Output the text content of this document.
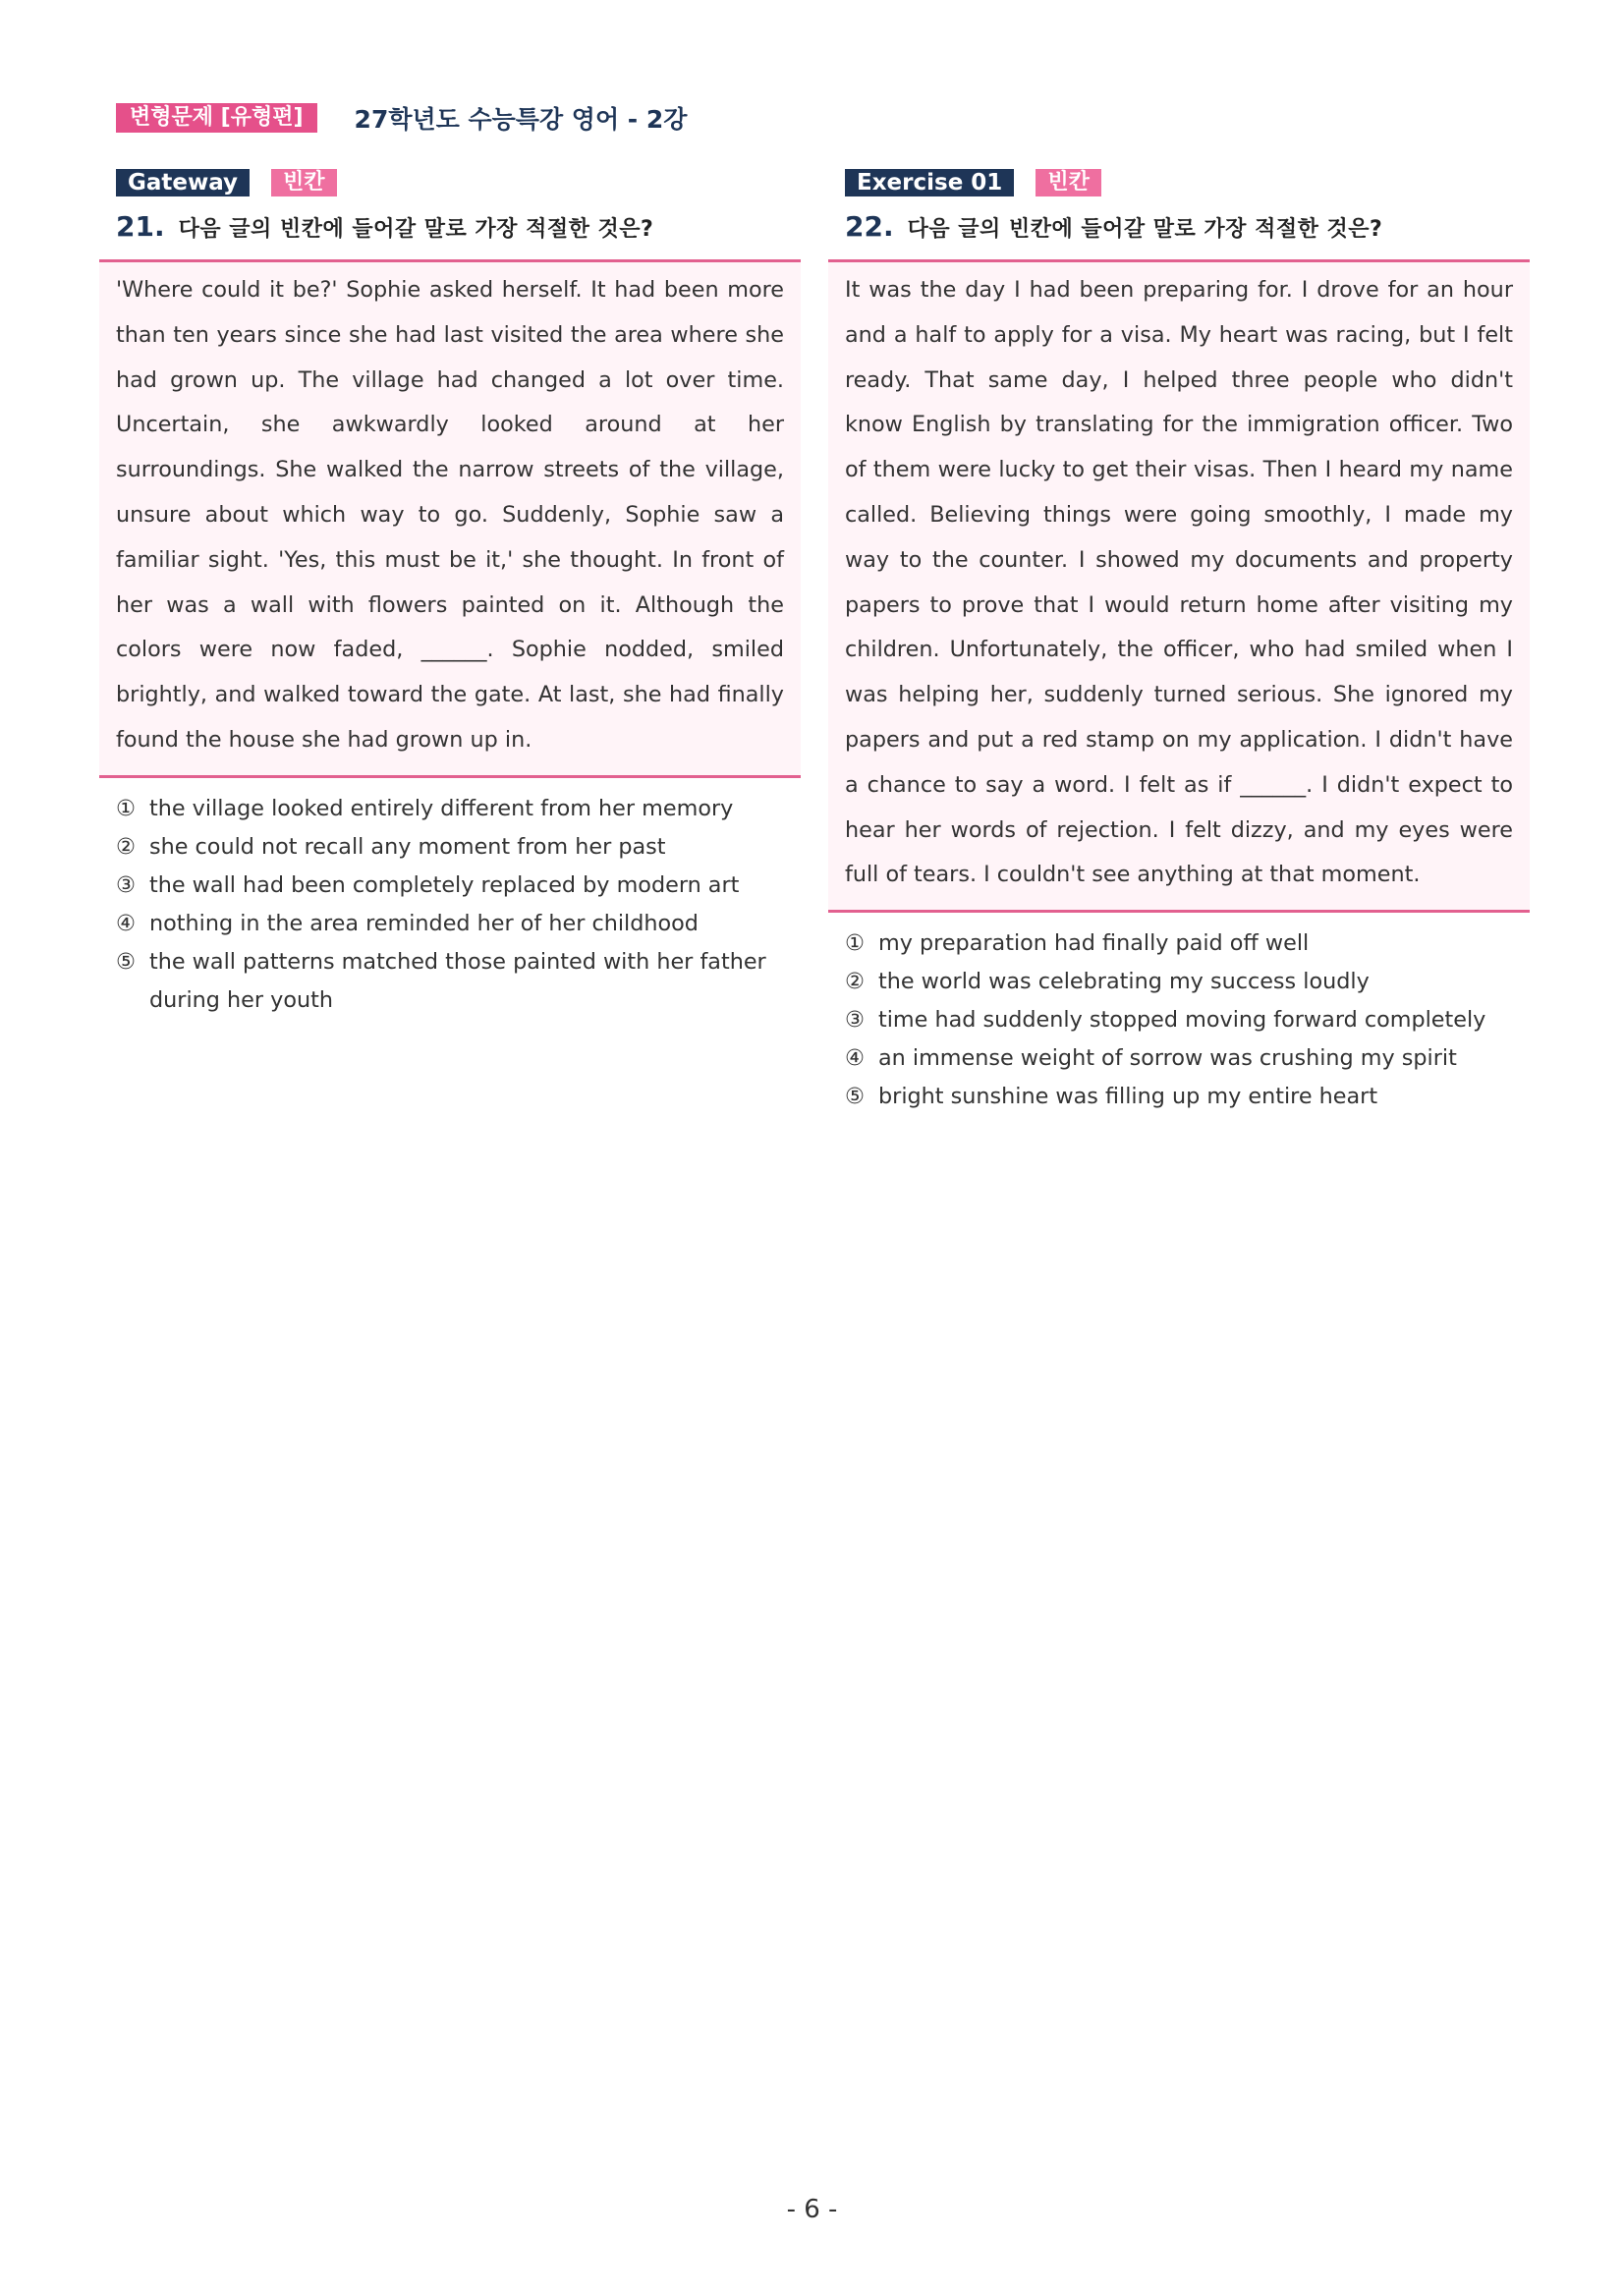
변형문제 [유형편]	27학년도 수능특강 영어 - 2강
Gateway	빈칸
21. 다음 글의 빈칸에 들어갈 말로 가장 적절한 것은?

'Where could it be?' Sophie asked herself. It had been more than ten years since she had last visited the area where she had grown up. The village had changed a lot over time. Uncertain, she awkwardly looked around at her surroundings. She walked the narrow streets of the village, unsure about which way to go. Suddenly, Sophie saw a familiar sight. 'Yes, this must be it,' she thought. In front of her was a wall with flowers painted on it. Although the colors were now faded, ______. Sophie nodded, smiled brightly, and walked toward the gate. At last, she had finally found the house she had grown up in.

① the village looked entirely different from her memory
② she could not recall any moment from her past
③ the wall had been completely replaced by modern art
④ nothing in the area reminded her of her childhood
⑤ the wall patterns matched those painted with her father during her youth
Exercise 01	빈칸
22. 다음 글의 빈칸에 들어갈 말로 가장 적절한 것은?

It was the day I had been preparing for. I drove for an hour and a half to apply for a visa. My heart was racing, but I felt ready. That same day, I helped three people who didn't know English by translating for the immigration officer. Two of them were lucky to get their visas. Then I heard my name called. Believing things were going smoothly, I made my way to the counter. I showed my documents and property papers to prove that I would return home after visiting my children. Unfortunately, the officer, who had smiled when I was helping her, suddenly turned serious. She ignored my papers and put a red stamp on my application. I didn't have a chance to say a word. I felt as if ______. I didn't expect to hear her words of rejection. I felt dizzy, and my eyes were full of tears. I couldn't see anything at that moment.

① my preparation had finally paid off well
② the world was celebrating my success loudly
③ time had suddenly stopped moving forward completely
④ an immense weight of sorrow was crushing my spirit
⑤ bright sunshine was filling up my entire heart
- 6 -
